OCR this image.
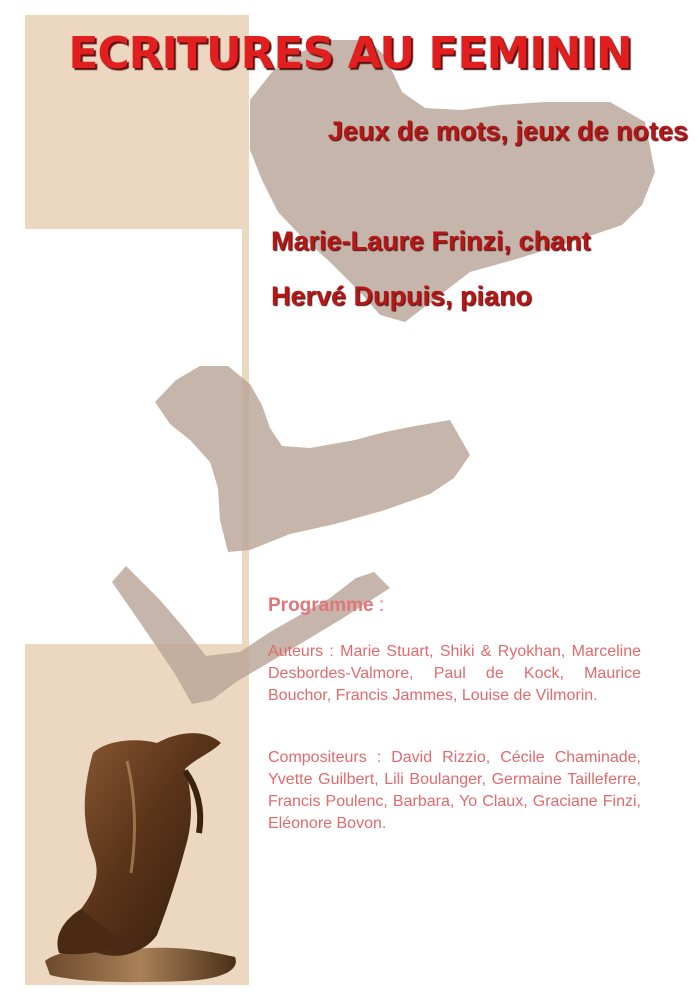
ECRITURES AU FEMININ
Jeux de mots, jeux de notes
Marie-Laure Frinzi, chant
Hervé Dupuis, piano
Programme :

Auteurs : Marie Stuart, Shiki & Ryokhan, Marceline Desbordes-Valmore, Paul de Kock, Maurice Bouchor, Francis Jammes, Louise de Vilmorin.

Compositeurs : David Rizzio, Cécile Chaminade, Yvette Guilbert, Lili Boulanger, Germaine Tailleferre, Francis Poulenc, Barbara, Yo Claux, Graciane Finzi, Eléonore Bovon.
